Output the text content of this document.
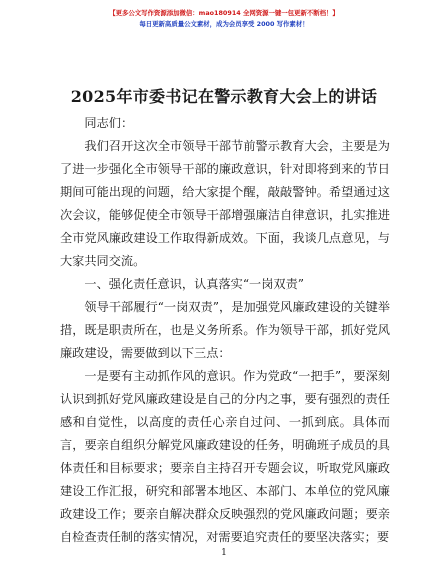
【更多公文写作资源添加微信：mao180914 全网资源一键一包更新不断档！】
每日更新高质量公文素材，成为会员享受 2000 写作素材！
2025年市委书记在警示教育大会上的讲话

同志们：

我们召开这次全市领导干部节前警示教育大会，主要是为了进一步强化全市领导干部的廉政意识，针对即将到来的节日期间可能出现的问题，给大家提个醒，敲敲警钟。希望通过这次会议，能够促使全市领导干部增强廉洁自律意识，扎实推进全市党风廉政建设工作取得新成效。下面，我谈几点意见，与大家共同交流。

一、强化责任意识，认真落实“一岗双责”

领导干部履行“一岗双责”，是加强党风廉政建设的关键举措，既是职责所在，也是义务所系。作为领导干部，抓好党风廉政建设，需要做到以下三点：

一是要有主动抓作风的意识。作为党政“一把手”，要深刻认识到抓好党风廉政建设是自己的分内之事，要有强烈的责任感和自觉性，以高度的责任心亲自过问、一抓到底。具体而言，要亲自组织分解党风廉政建设的任务，明确班子成员的具体责任和目标要求；要亲自主持召开专题会议，听取党风廉政建设工作汇报，研究和部署本地区、本部门、本单位的党风廉政建设工作；要亲自解决群众反映强烈的党风廉政问题；要亲自检查责任制的落实情况，对需要追究责任的要坚决落实；要

1
